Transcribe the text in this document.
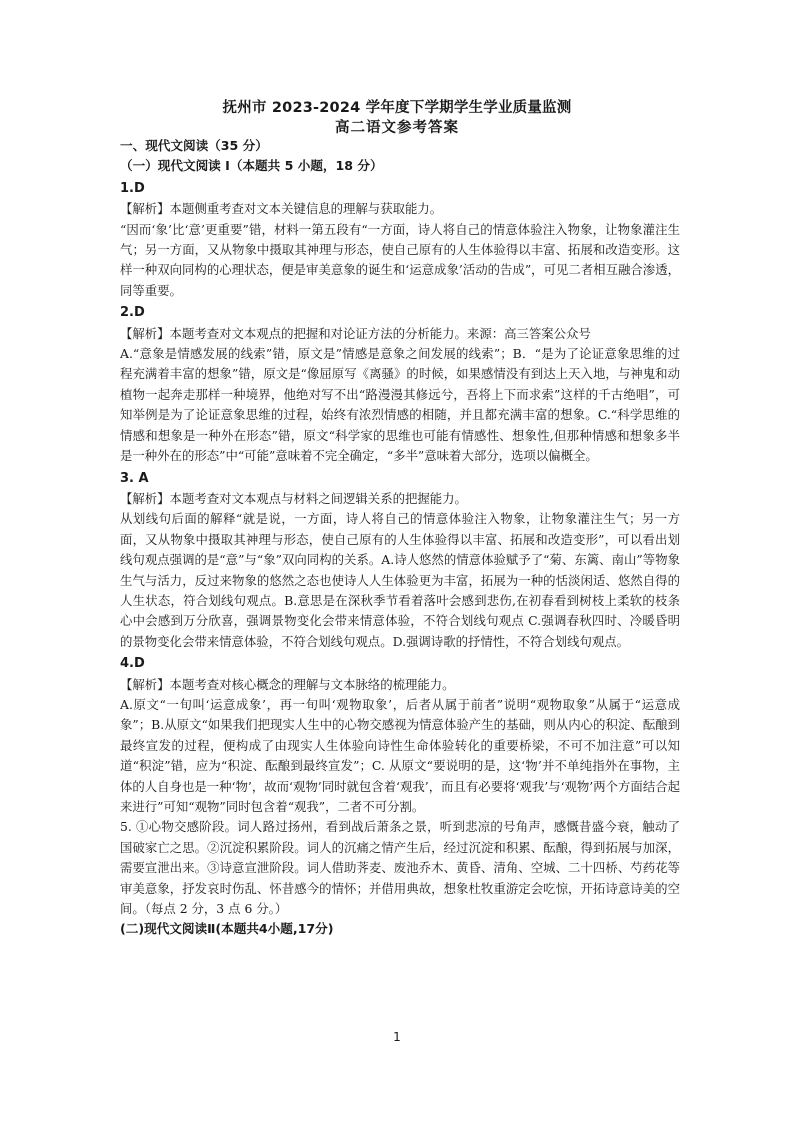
抚州市 2023-2024 学年度下学期学生学业质量监测
高二语文参考答案
一、现代文阅读（35 分）
（一）现代文阅读 I（本题共 5 小题，18 分）
1.D
【解析】本题侧重考查对文本关键信息的理解与获取能力。
“因而‘象’比‘意’更重要”错，材料一第五段有“一方面，诗人将自己的情意体验注入物象，让物象灌注生气；另一方面，又从物象中摄取其神理与形态，使自己原有的人生体验得以丰富、拓展和改造变形。这样一种双向同构的心理状态，便是审美意象的诞生和‘运意成象’活动的告成”，可见二者相互融合渗透，同等重要。
2.D
【解析】本题考查对文本观点的把握和对论证方法的分析能力。来源：高三答案公众号
A.“意象是情感发展的线索”错，原文是”情感是意象之间发展的线索”；B．“是为了论证意象思维的过程充满着丰富的想象”错，原文是“像屈原写《离骚》的时候，如果感情没有到达上天入地，与神鬼和动植物一起奔走那样一种境界，他绝对写不出“路漫漫其修远兮，吾将上下而求索”这样的千古绝唱”，可知举例是为了论证意象思维的过程，始终有浓烈情感的相随，并且都充满丰富的想象。C.“科学思维的情感和想象是一种外在形态”错，原文“科学家的思维也可能有情感性、想象性,但那种情感和想象多半是一种外在的形态”中“可能”意味着不完全确定，“多半”意味着大部分，选项以偏概全。
3. A
【解析】本题考查对文本观点与材料之间逻辑关系的把握能力。
从划线句后面的解释“就是说，一方面，诗人将自己的情意体验注入物象，让物象灌注生气；另一方面，又从物象中摄取其神理与形态，使自己原有的人生体验得以丰富、拓展和改造变形”，可以看出划线句观点强调的是“意”与“象”双向同构的关系。A.诗人悠然的情意体验赋予了“菊、东篱、南山”等物象生气与活力，反过来物象的悠然之态也使诗人人生体验更为丰富，拓展为一种的恬淡闲适、悠然自得的人生状态，符合划线句观点。B.意思是在深秋季节看着落叶会感到悲伤,在初春看到树枝上柔软的枝条心中会感到万分欣喜，强调景物变化会带来情意体验，不符合划线句观点 C.强调春秋四时、冷暖昏明的景物变化会带来情意体验，不符合划线句观点。D.强调诗歌的抒情性，不符合划线句观点。
4.D
【解析】本题考查对核心概念的理解与文本脉络的梳理能力。
A.原文“一旬叫‘运意成象’，再一旬叫‘观物取象’，后者从属于前者”说明“观物取象”从属于“运意成象”；B.从原文“如果我们把现实人生中的心物交感视为情意体验产生的基础，则从内心的积淀、酝酿到最终宣发的过程，便构成了由现实人生体验向诗性生命体验转化的重要桥梁，不可不加注意”可以知道“积淀”错，应为“积淀、酝酿到最终宣发”；C. 从原文“要说明的是，这‘物’并不单纯指外在事物，主体的人自身也是一种‘物’，故而‘观物’同时就包含着‘观我’，而且有必要将‘观我’与‘观物’两个方面结合起来进行”可知“观物”同时包含着“观我”，二者不可分割。
5. ①心物交感阶段。词人路过扬州，看到战后萧条之景，听到悲凉的号角声，感慨昔盛今衰，触动了国破家亡之思。②沉淀积累阶段。词人的沉痛之情产生后，经过沉淀和积累、酝酿，得到拓展与加深，需要宣泄出来。③诗意宣泄阶段。词人借助荠麦、废池乔木、黄昏、清角、空城、二十四桥、芍药花等审美意象，抒发哀时伤乱、怀昔感今的情怀；并借用典故，想象杜牧重游定会吃惊，开拓诗意诗美的空间。（每点 2 分，3 点 6 分。）
(二)现代文阅读Ⅱ(本题共4小题,17分)
1
